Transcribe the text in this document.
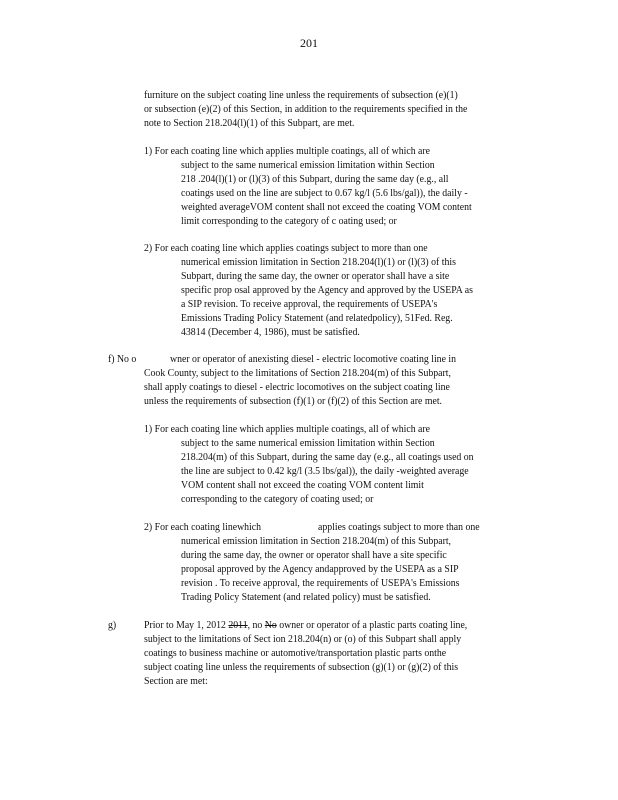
201
furniture on the subject coating line unless the requirements of subsection (e)(1)
or subsection (e)(2) of this Section, in addition to the requirements specified in the
note to Section 218.204(l)(1) of this Subpart, are met.
1) For each coating line which applies multiple coatings, all of which are
subject to the same numerical emission limitation within Section
218 .204(l)(1) or (l)(3) of this Subpart, during the same day (e.g., all
coatings used on the line are subject to 0.67 kg/l (5.6 lbs/gal)), the daily -
weighted averageVOM content shall not exceed the coating VOM content
limit corresponding to the category of c oating used; or
2) For each coating line which applies coatings subject to more than one
numerical emission limitation in Section 218.204(l)(1) or (l)(3) of this
Subpart, during the same day, the owner or operator shall have a site
specific prop osal approved by the Agency and approved by the USEPA as
a SIP revision. To receive approval, the requirements of USEPA's
Emissions Trading Policy Statement (and relatedpolicy), 51Fed. Reg.
43814 (December 4, 1986), must be satisfied.
f) No o	wner or operator of anexisting diesel - electric locomotive coating line in
Cook County, subject to the limitations of Section 218.204(m) of this Subpart,
shall apply coatings to diesel - electric locomotives on the subject coating line
unless the requirements of subsection (f)(1) or (f)(2) of this Section are met.
1) For each coating line which applies multiple coatings, all of which are
subject to the same numerical emission limitation within Section
218.204(m) of this Subpart, during the same day (e.g., all coatings used on
the line are subject to 0.42 kg/l (3.5 lbs/gal)), the daily -weighted average
VOM content shall not exceed the coating VOM content limit
corresponding to the category of coating used; or
2) For each coating linewhich	applies coatings subject to more than one
numerical emission limitation in Section 218.204(m) of this Subpart,
during the same day, the owner or operator shall have a site specific
proposal approved by the Agency andapproved by the USEPA as a SIP
revision . To receive approval, the requirements of USEPA's Emissions
Trading Policy Statement (and related policy) must be satisfied.
g)	Prior to May 1, 2012 2011, no No owner or operator of a plastic parts coating line,
subject to the limitations of Sect ion 218.204(n) or (o) of this Subpart shall apply
coatings to business machine or automotive/transportation plastic parts onthe
subject coating line unless the requirements of subsection (g)(1) or (g)(2) of this
Section are met:
